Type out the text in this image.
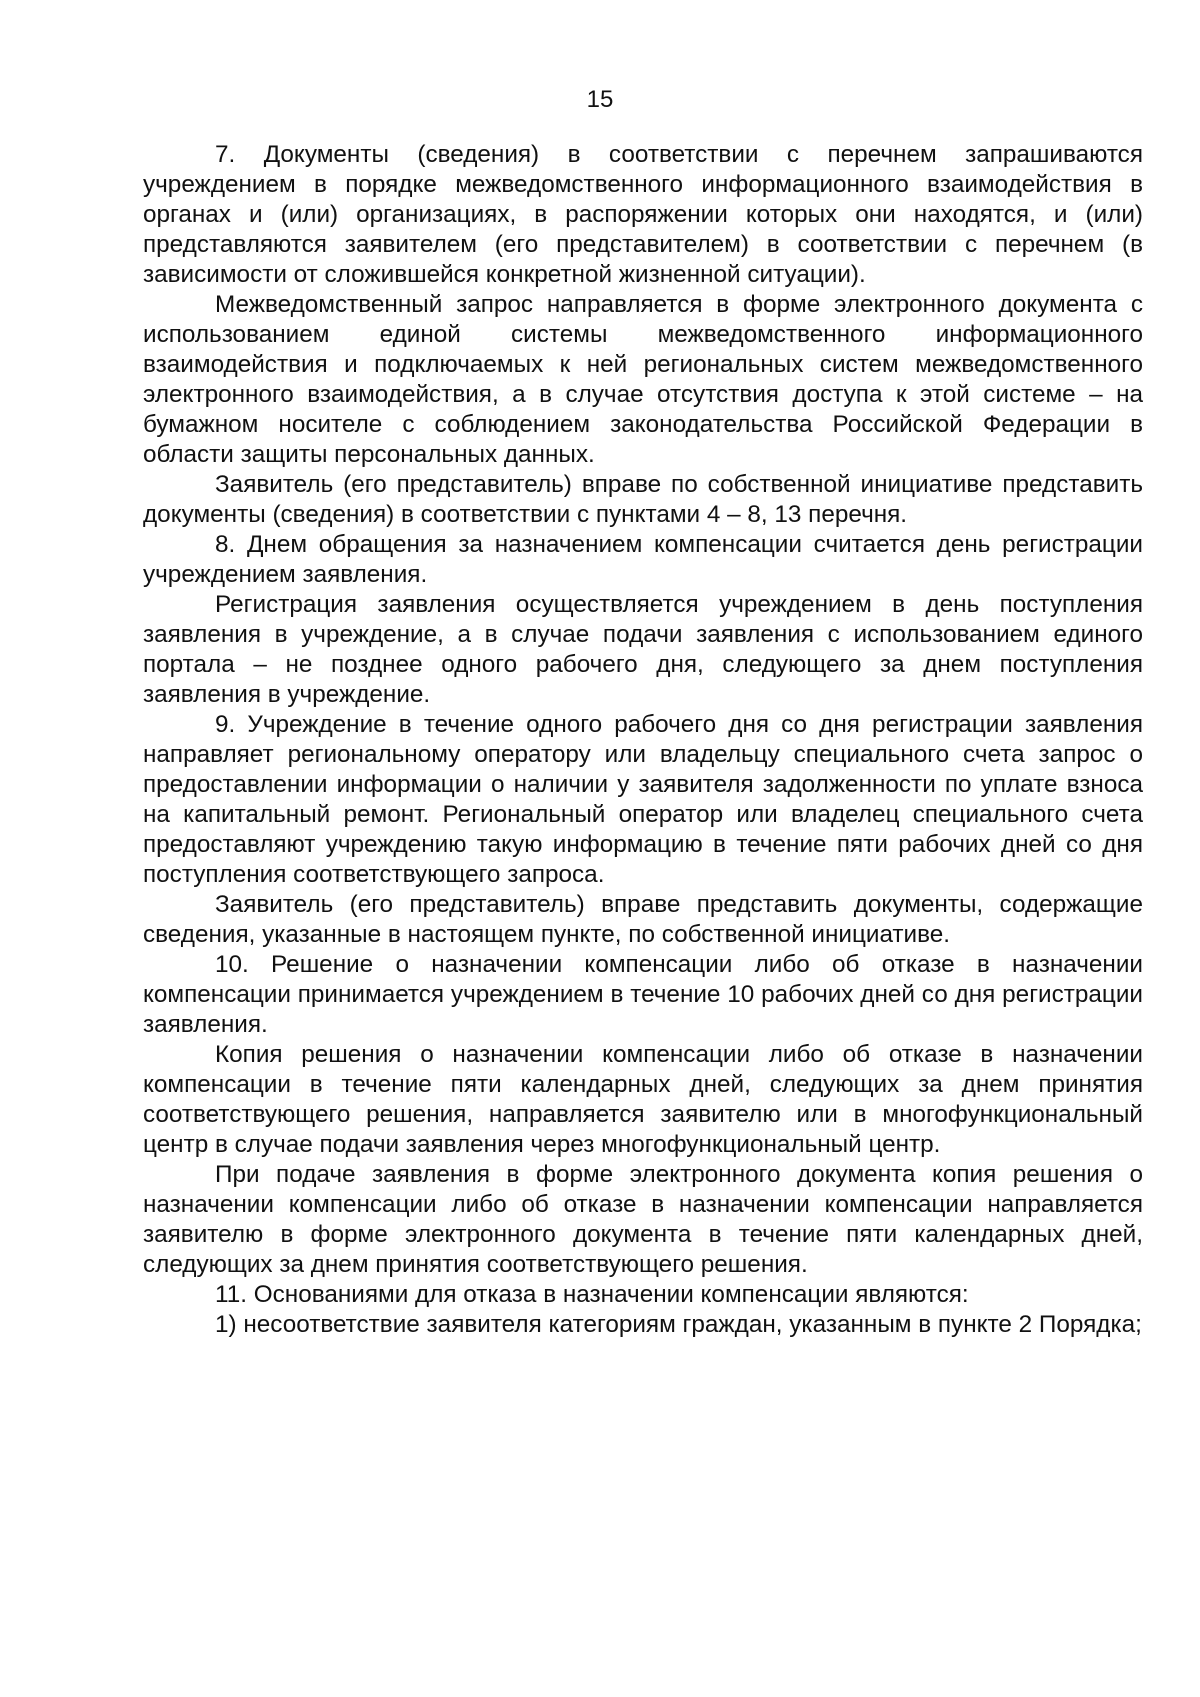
15

7. Документы (сведения) в соответствии с перечнем запрашиваются учреждением в порядке межведомственного информационного взаимодействия в органах и (или) организациях, в распоряжении которых они находятся, и (или) представляются заявителем (его представителем) в соответствии с перечнем (в зависимости от сложившейся конкретной жизненной ситуации).

Межведомственный запрос направляется в форме электронного документа с использованием единой системы межведомственного информационного взаимодействия и подключаемых к ней региональных систем межведомственного электронного взаимодействия, а в случае отсутствия доступа к этой системе – на бумажном носителе с соблюдением законодательства Российской Федерации в области защиты персональных данных.

Заявитель (его представитель) вправе по собственной инициативе представить документы (сведения) в соответствии с пунктами 4 – 8, 13 перечня.

8. Днем обращения за назначением компенсации считается день регистрации учреждением заявления.

Регистрация заявления осуществляется учреждением в день поступления заявления в учреждение, а в случае подачи заявления с использованием единого портала – не позднее одного рабочего дня, следующего за днем поступления заявления в учреждение.

9. Учреждение в течение одного рабочего дня со дня регистрации заявления направляет региональному оператору или владельцу специального счета запрос о предоставлении информации о наличии у заявителя задолженности по уплате взноса на капитальный ремонт. Региональный оператор или владелец специального счета предоставляют учреждению такую информацию в течение пяти рабочих дней со дня поступления соответствующего запроса.

Заявитель (его представитель) вправе представить документы, содержащие сведения, указанные в настоящем пункте, по собственной инициативе.

10. Решение о назначении компенсации либо об отказе в назначении компенсации принимается учреждением в течение 10 рабочих дней со дня регистрации заявления.

Копия решения о назначении компенсации либо об отказе в назначении компенсации в течение пяти календарных дней, следующих за днем принятия соответствующего решения, направляется заявителю или в многофункциональный центр в случае подачи заявления через многофункциональный центр.

При подаче заявления в форме электронного документа копия решения о назначении компенсации либо об отказе в назначении компенсации направляется заявителю в форме электронного документа в течение пяти календарных дней, следующих за днем принятия соответствующего решения.

11. Основаниями для отказа в назначении компенсации являются:

1) несоответствие заявителя категориям граждан, указанным в пункте 2 Порядка;
